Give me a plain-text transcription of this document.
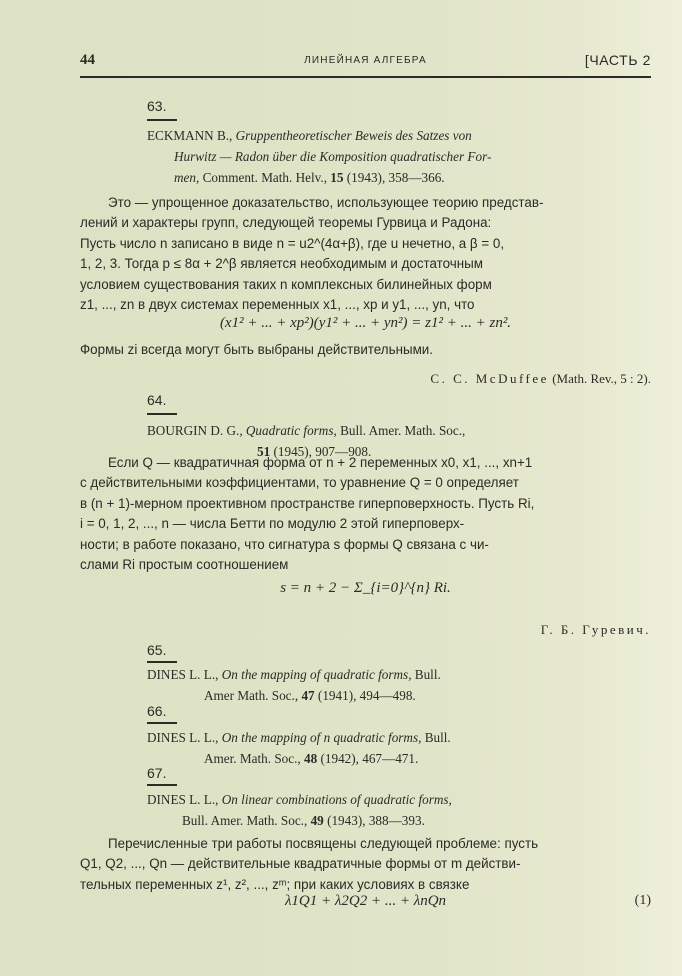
44	ЛИНЕЙНАЯ АЛГЕБРА	[ЧАСТЬ 2
63.
ECKMANN B., Gruppentheoretischer Beweis des Satzes von
Hurwitz — Radon über die Komposition quadratischer For-
men, Comment. Math. Helv., 15 (1943), 358—366.
Это — упрощенное доказательство, использующее теорию представ-
лений и характеры групп, следующей теоремы Гурвица и Радона:
Пусть число n записано в виде n = u2^(4α+β), где u нечетно, а β = 0,
1, 2, 3. Тогда p ≤ 8α + 2^β является необходимым и достаточным
условием существования таких n комплексных билинейных форм
z1, ..., zn в двух системах переменных x1, ..., xp и y1, ..., yn, что
(x1² + ... + xp²)(y1² + ... + yn²) = z1² + ... + zn².
Формы zi всегда могут быть выбраны действительными.
C. C. McDuffee (Math. Rev., 5 : 2).
64.
BOURGIN D. G., Quadratic forms, Bull. Amer. Math. Soc.,
51 (1945), 907—908.
Если Q — квадратичная форма от n + 2 переменных x0, x1, ..., xn+1
с действительными коэффициентами, то уравнение Q = 0 определяет
в (n + 1)-мерном проективном пространстве гиперповерхность. Пусть Ri,
i = 0, 1, 2, ..., n — числа Бетти по модулю 2 этой гиперповерх-
ности; в работе показано, что сигнатура s формы Q связана с чи-
слами Ri простым соотношением
s = n + 2 − Σ_{i=0}^{n} Ri.
Г. Б. Гуревич.
65.
DINES L. L., On the mapping of quadratic forms, Bull.
Amer Math. Soc., 47 (1941), 494—498.
66.
DINES L. L., On the mapping of n quadratic forms, Bull.
Amer. Math. Soc., 48 (1942), 467—471.
67.
DINES L. L., On linear combinations of quadratic forms,
Bull. Amer. Math. Soc., 49 (1943), 388—393.
Перечисленные три работы посвящены следующей проблеме: пусть
Q1, Q2, ..., Qn — действительные квадратичные формы от m действи-
тельных переменных z¹, z², ..., zᵐ; при каких условиях в связке
λ1Q1 + λ2Q2 + ... + λnQn	(1)
